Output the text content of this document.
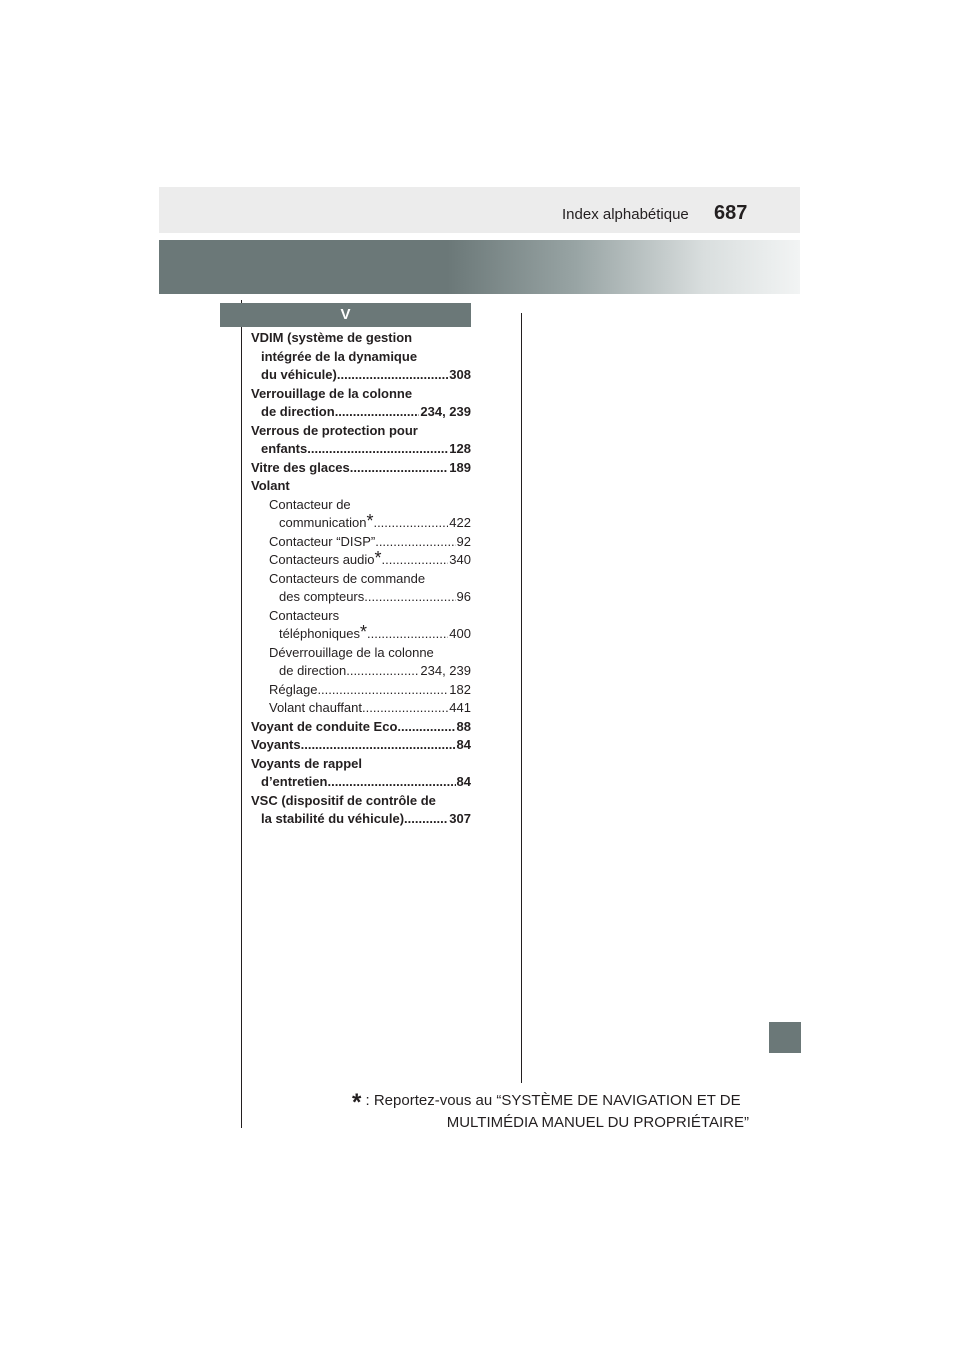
Index alphabétique 687
V
VDIM (système de gestion
intégrée de la dynamique
du véhicule) .....	308
Verrouillage de la colonne
de direction .....	234, 239
Verrous de protection pour
enfants .....	128
Vitre des glaces .....	189
Volant
Contacteur de
communication * .....	422
Contacteur “DISP” .....	92
Contacteurs audio * .....	340
Contacteurs de commande
des compteurs .....	96
Contacteurs
téléphoniques * .....	400
Déverrouillage de la colonne
de direction .....	234, 239
Réglage .....	182
Volant chauffant .....	441
Voyant de conduite Eco .....	88
Voyants .....	84
Voyants de rappel
d’entretien .....	84
VSC (dispositif de contrôle de
la stabilité du véhicule) .....	307
* : Reportez-vous au “SYSTÈME DE NAVIGATION ET DE
MULTIMÉDIA MANUEL DU PROPRIÉTAIRE”
